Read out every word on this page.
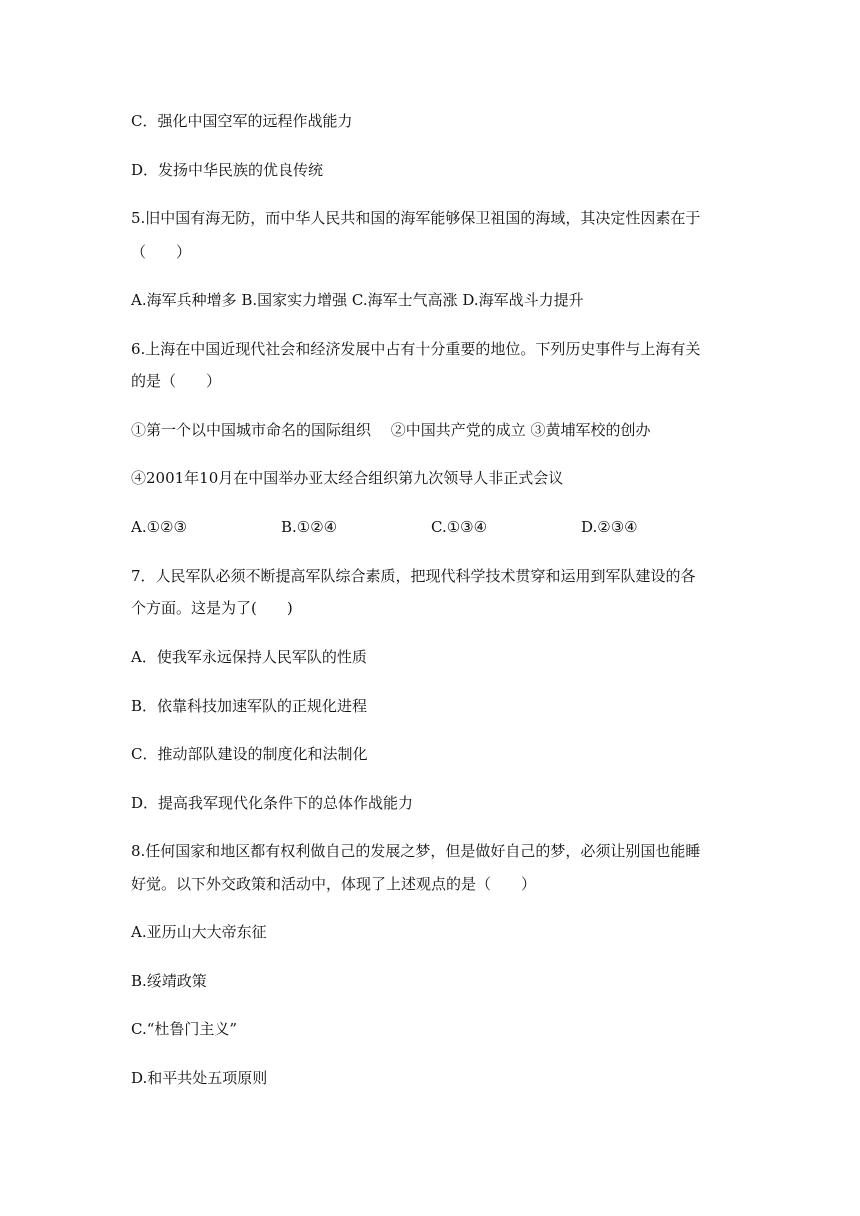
C．强化中国空军的远程作战能力

D．发扬中华民族的优良传统

5.旧中国有海无防，而中华人民共和国的海军能够保卫祖国的海域，其决定性因素在于

（　　）

A.海军兵种增多 B.国家实力增强 C.海军士气高涨 D.海军战斗力提升

6.上海在中国近现代社会和经济发展中占有十分重要的地位。下列历史事件与上海有关

的是（　　）

①第一个以中国城市命名的国际组织　 ②中国共产党的成立 ③黄埔军校的创办

④2001年10月在中国举办亚太经合组织第九次领导人非正式会议

A.①②③	B.①②④	C.①③④	D.②③④

7．人民军队必须不断提高军队综合素质，把现代科学技术贯穿和运用到军队建设的各

个方面。这是为了(　　)

A．使我军永远保持人民军队的性质

B．依靠科技加速军队的正规化进程

C．推动部队建设的制度化和法制化

D．提高我军现代化条件下的总体作战能力

8.任何国家和地区都有权利做自己的发展之梦，但是做好自己的梦，必须让别国也能睡

好觉。以下外交政策和活动中，体现了上述观点的是（　　）

A.亚历山大大帝东征

B.绥靖政策

C.“杜鲁门主义”

D.和平共处五项原则
